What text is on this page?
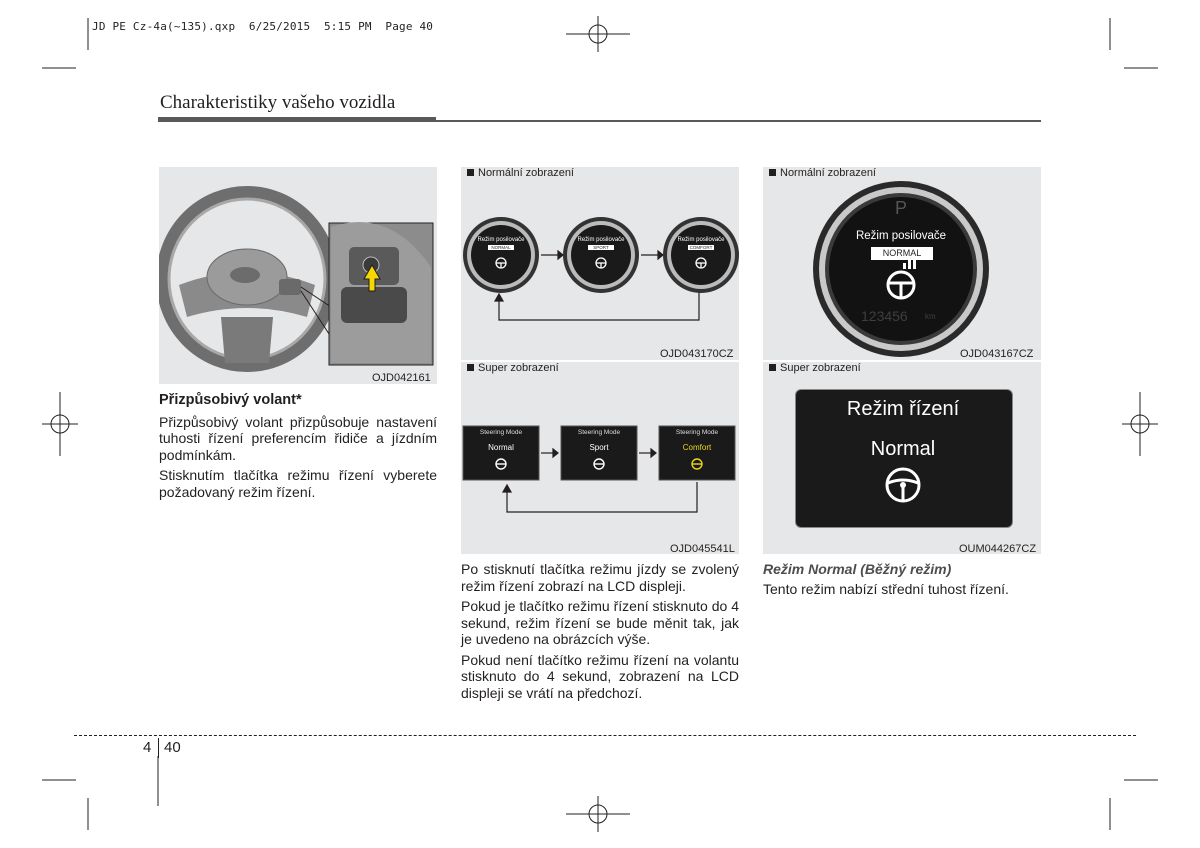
JD PE Cz-4a(~135).qxp  6/25/2015  5:15 PM  Page 40
Charakteristiky vašeho vozidla
OJD042161
Přizpůsobivý volant*

Přizpůsobivý volant přizpůsobuje nastavení tuhosti řízení preferencím řidiče a jízdním podmínkám.

Stisknutím tlačítka režimu řízení vyberete požadovaný režim řízení.

Normální zobrazení
Režim posilovače
NORMAL
Režim posilovače
SPORT
Režim posilovače
COMFORT
OJD043170CZ
Super zobrazení
Steering Mode
Normal
Steering Mode
Sport
Steering Mode
Comfort
OJD045541L

Po stisknutí tlačítka režimu jízdy se zvolený režim řízení zobrazí na LCD displeji.

Pokud je tlačítko režimu řízení stisknuto do 4 sekund, režim řízení se bude měnit tak, jak je uvedeno na obrázcích výše.

Pokud není tlačítko režimu řízení na volantu stisknuto do 4 sekund, zobrazení na LCD displeji se vrátí na předchozí.

Normální zobrazení
P
Režim posilovače
NORMAL
123456 km
OJD043167CZ
Super zobrazení
Režim řízení
Normal
OUM044267CZ
Režim Normal (Běžný režim)

Tento režim nabízí střední tuhost řízení.

4 40
